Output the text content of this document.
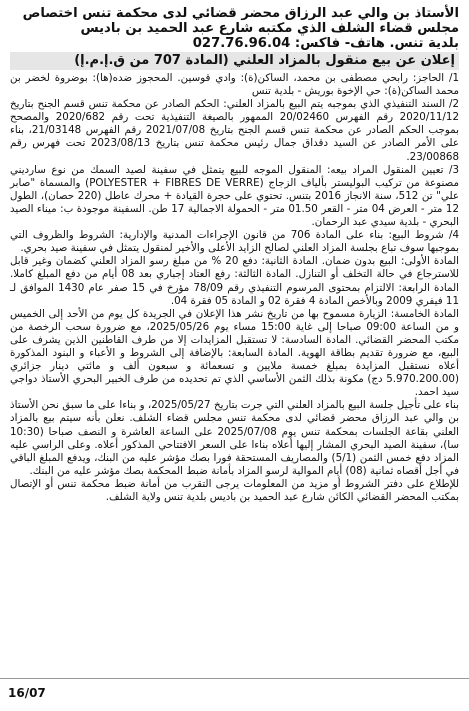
الأستاذ بن والي عبد الرزاق محضر قضائي لدى محكمة تنس اختصاص

مجلس قضاء الشلف الذي مكتبه شارع عبد الحميد بن باديس

بلدية تنس. هاتف- فاكس: 027.76.96.04

إعلان عن بيع منقول بالمزاد العلني (المادة 707 من ق.إ.م.إ)

1/ الحاجز: رابحي مصطفى بن محمد، الساكن(ة): وادي قوسين. المحجوز ضده(ها): بوضروة لخضر بن محمد الساكن(ة): حي الإخوة بوريش - بلدية تنس

2/ السند التنفيذي الذي بموجبه يتم البيع بالمزاد العلني: الحكم الصادر عن محكمة تنس قسم الجنح بتاريخ 2020/11/12 رقم الفهرس 20/02460 الممهور بالصيغة التنفيذية تحت رقم 2020/682 والمصحح بموجب الحكم الصادر عن محكمة تنس قسم الجنح بتاريخ 2021/07/08 رقم الفهرس 21/03148، بناء على الأمر الصادر عن السيد دقداق جمال رئيس محكمة تنس بتاريخ 2023/08/13 تحت فهرس رقم 23/00868.

3/ تعيين المنقول المراد بيعه: المنقول الموجه للبيع يتمثل في سفينة لصيد السمك من نوع سارديني مصنوعة من تركيب البوليستر بألياف الزجاج (POLYESTER + FIBRES DE VERRE) والمسماة "صابر علي" تن 512، سنة الانجاز 2016 بتنس. تحتوي على حجرة القيادة + محرك عاطل (220 حصان)، الطول 12 متر - العرض 04 متر - القعر 01.50 متر - الحمولة الاجمالية 17 طن. السفينة موجودة ب: ميناء الصيد البحري - بلدية سيدي عبد الرحمان.

4/ شروط البيع: بناء على المادة 706 من قانون الإجراءات المدنية والإدارية: الشروط والظروف التي بموجبها سوف تباع بجلسة المزاد العلني لصالح الزايد الأعلى والأخير لمنقول يتمثل في سفينة صيد بحري.

المادة الأولى: البيع بدون ضمان. المادة الثانية: دفع 20 % من مبلغ رسو المزاد العلني كضمان وغير قابل للاسترجاع في حالة التخلف أو التنازل. المادة الثالثة: رفع العتاد إجباري بعد 08 أيام من دفع المبلغ كاملا. المادة الرابعة: الالتزام بمحتوى المرسوم التنفيذي رقم 78/09 مؤرخ في 15 صفر عام 1430 الموافق لـ 11 فيفري 2009 وبالأخص المادة 4 فقرة 02 و المادة 05 فقرة 04.

المادة الخامسة: الزيارة مسموح بها من تاريخ نشر هذا الإعلان في الجريدة كل يوم من الأحد إلى الخميس و من الساعة 09:00 صباحا إلى غاية 15:00 مساء يوم 2025/05/26، مع ضرورة سحب الرخصة من مكتب المحضر القضائي. المادة السادسة: لا تستقبل المزايدات إلا من طرف القاطنين الذين يشرف على البيع، مع ضرورة تقديم بطاقة الهوية. المادة السابعة: بالإضافة إلى الشروط و الأعباء و البنود المذكورة أعلاه نستقبل المزايدة بمبلغ خمسة ملايين و تسعمائة و سبعون ألف و مائتي دينار جزائري (5.970.200.00 دج) مكونة بذلك الثمن الأساسي الذي تم تحديده من طرف الخبير البحري الأستاذ دواجي سيد احمد.

بناء على تأجيل جلسة البيع بالمزاد العلني التي جرت بتاريخ 2025/05/27، و بناءا على ما سبق نحن الأستاذ بن والي عبد الرزاق محضر قضائي لدى محكمة تنس مجلس قضاء الشلف. نعلن بأنه سيتم بيع بالمزاد العلني بقاعة الجلسات بمحكمة تنس يوم 2025/07/08 على الساعة العاشرة و النصف صباحا (10:30 سا)، سفينة الصيد البحري المشار إليها أعلاه بناءا على السعر الافتتاحي المذكور أعلاه. وعلى الراسي عليه المزاد دفع خمس الثمن (5/1) والمصاريف المستحقة فورا بصك مؤشر عليه من البنك، ويدفع المبلغ الباقي في أجل أقصاه ثمانية (08) أيام الموالية لرسو المزاد بأمانة ضبط المحكمة بصك مؤشر عليه من البنك.

للإطلاع على دفتر الشروط أو مزيد من المعلومات يرجى التقرب من أمانة ضبط محكمة تنس أو الإتصال بمكتب المحضر القضائي الكائن شارع عبد الحميد بن باديس بلدية تنس ولاية الشلف.

16/07
